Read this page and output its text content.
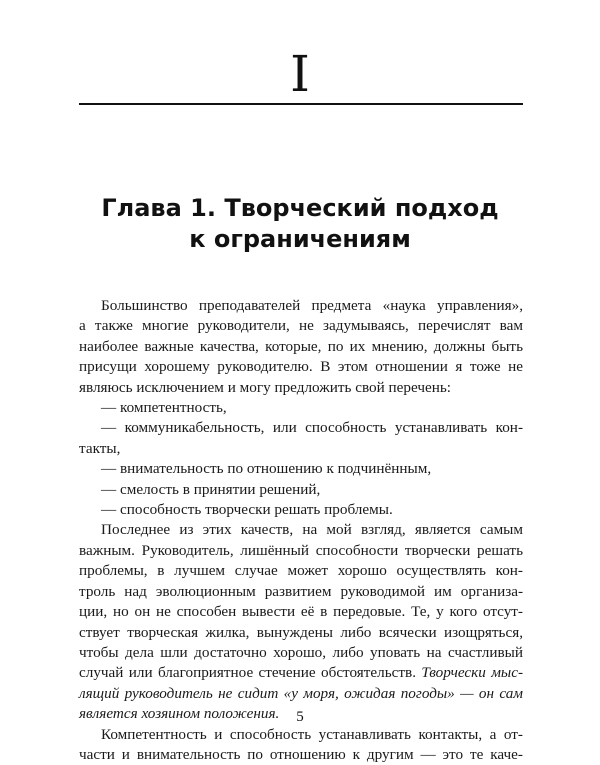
I
Глава 1. Творческий подход
к ограничениям
Большинство преподавателей предмета «наука управления»,
а также многие руководители, не задумываясь, перечислят вам
наиболее важные качества, которые, по их мнению, должны быть
присущи хорошему руководителю. В этом отношении я тоже не
являюсь исключением и могу предложить свой перечень:
— компетентность,
— коммуникабельность, или способность устанавливать кон-
такты,
— внимательность по отношению к подчинённым,
— смелость в принятии решений,
— способность творчески решать проблемы.
Последнее из этих качеств, на мой взгляд, является самым
важным. Руководитель, лишённый способности творчески решать
проблемы, в лучшем случае может хорошо осуществлять кон-
троль над эволюционным развитием руководимой им организа-
ции, но он не способен вывести её в передовые. Те, у кого отсут-
ствует творческая жилка, вынуждены либо всячески изощряться,
чтобы дела шли достаточно хорошо, либо уповать на счастливый
случай или благоприятное стечение обстоятельств. Творчески мыс-
лящий руководитель не сидит «у моря, ожидая погоды» — он сам
является хозяином положения.
Компетентность и способность устанавливать контакты, а от-
части и внимательность по отношению к другим — это те каче-
5
